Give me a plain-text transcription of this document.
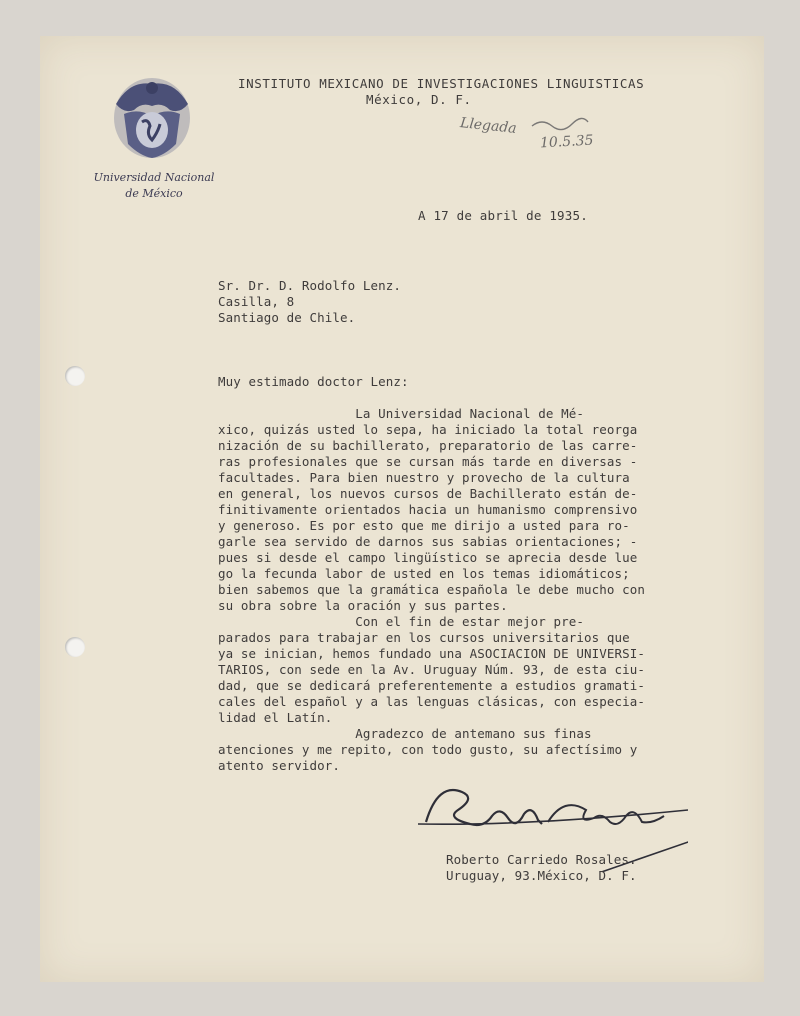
Universidad Nacional
de México
INSTITUTO MEXICANO DE INVESTIGACIONES LINGUISTICAS
México, D. F.
Llegada
10.5.35
A 17 de abril de 1935.
Sr. Dr. D. Rodolfo Lenz.
Casilla, 8
Santiago de Chile.
Muy estimado doctor Lenz:
La Universidad Nacional de Mé-
xico, quizás usted lo sepa, ha iniciado la total reorga
nización de su bachillerato, preparatorio de las carre-
ras profesionales que se cursan más tarde en diversas -
facultades. Para bien nuestro y provecho de la cultura
en general, los nuevos cursos de Bachillerato están de-
finitivamente orientados hacia un humanismo comprensivo
y generoso. Es por esto que me dirijo a usted para ro-
garle sea servido de darnos sus sabias orientaciones; -
pues si desde el campo lingüístico se aprecia desde lue
go la fecunda labor de usted en los temas idiomáticos;
bien sabemos que la gramática española le debe mucho con
su obra sobre la oración y sus partes.
Con el fin de estar mejor pre-
parados para trabajar en los cursos universitarios que
ya se inician, hemos fundado una ASOCIACION DE UNIVERSI-
TARIOS, con sede en la Av. Uruguay Núm. 93, de esta ciu-
dad, que se dedicará preferentemente a estudios gramati-
cales del español y a las lenguas clásicas, con especia-
lidad el Latín.
Agradezco de antemano sus finas
atenciones y me repito, con todo gusto, su afectísimo y
atento servidor.
Roberto Carriedo Rosales.
Uruguay, 93.México, D. F.
